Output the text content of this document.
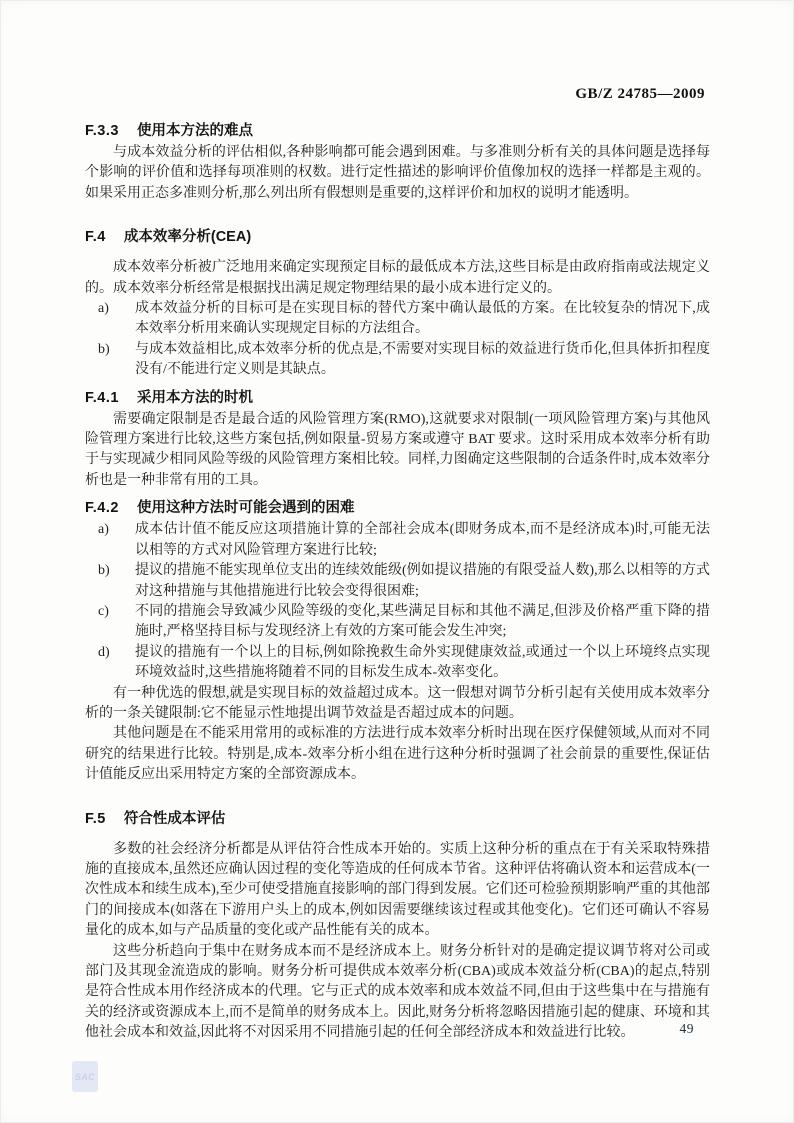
GB/Z 24785—2009
F.3.3 使用本方法的难点

与成本效益分析的评估相似,各种影响都可能会遇到困难。与多准则分析有关的具体问题是选择每个影响的评价值和选择每项准则的权数。进行定性描述的影响评价值像加权的选择一样都是主观的。如果采用正态多准则分析,那么列出所有假想则是重要的,这样评价和加权的说明才能透明。

F.4 成本效率分析(CEA)

成本效率分析被广泛地用来确定实现预定目标的最低成本方法,这些目标是由政府指南或法规定义的。成本效率分析经常是根据找出满足规定物理结果的最小成本进行定义的。

a) 成本效益分析的目标可是在实现目标的替代方案中确认最低的方案。在比较复杂的情况下,成本效率分析用来确认实现规定目标的方法组合。
b) 与成本效益相比,成本效率分析的优点是,不需要对实现目标的效益进行货币化,但具体折扣程度没有/不能进行定义则是其缺点。
F.4.1 采用本方法的时机

需要确定限制是否是最合适的风险管理方案(RMO),这就要求对限制(一项风险管理方案)与其他风险管理方案进行比较,这些方案包括,例如限量-贸易方案或遵守 BAT 要求。这时采用成本效率分析有助于与实现减少相同风险等级的风险管理方案相比较。同样,力图确定这些限制的合适条件时,成本效率分析也是一种非常有用的工具。

F.4.2 使用这种方法时可能会遇到的困难
a) 成本估计值不能反应这项措施计算的全部社会成本(即财务成本,而不是经济成本)时,可能无法以相等的方式对风险管理方案进行比较;
b) 提议的措施不能实现单位支出的连续效能级(例如提议措施的有限受益人数),那么以相等的方式对这种措施与其他措施进行比较会变得很困难;
c) 不同的措施会导致减少风险等级的变化,某些满足目标和其他不满足,但涉及价格严重下降的措施时,严格坚持目标与发现经济上有效的方案可能会发生冲突;
d) 提议的措施有一个以上的目标,例如除挽救生命外实现健康效益,或通过一个以上环境终点实现环境效益时,这些措施将随着不同的目标发生成本-效率变化。

有一种优选的假想,就是实现目标的效益超过成本。这一假想对调节分析引起有关使用成本效率分析的一条关键限制:它不能显示性地提出调节效益是否超过成本的问题。

其他问题是在不能采用常用的或标准的方法进行成本效率分析时出现在医疗保健领域,从而对不同研究的结果进行比较。特别是,成本-效率分析小组在进行这种分析时强调了社会前景的重要性,保证估计值能反应出采用特定方案的全部资源成本。

F.5 符合性成本评估

多数的社会经济分析都是从评估符合性成本开始的。实质上这种分析的重点在于有关采取特殊措施的直接成本,虽然还应确认因过程的变化等造成的任何成本节省。这种评估将确认资本和运营成本(一次性成本和续生成本),至少可使受措施直接影响的部门得到发展。它们还可检验预期影响严重的其他部门的间接成本(如落在下游用户头上的成本,例如因需要继续该过程或其他变化)。它们还可确认不容易量化的成本,如与产品质量的变化或产品性能有关的成本。

这些分析趋向于集中在财务成本而不是经济成本上。财务分析针对的是确定提议调节将对公司或部门及其现金流造成的影响。财务分析可提供成本效率分析(CBA)或成本效益分析(CBA)的起点,特别是符合性成本用作经济成本的代理。它与正式的成本效率和成本效益不同,但由于这些集中在与措施有关的经济或资源成本上,而不是简单的财务成本上。因此,财务分析将忽略因措施引起的健康、环境和其他社会成本和效益,因此将不对因采用不同措施引起的任何全部经济成本和效益进行比较。	49
SAC
